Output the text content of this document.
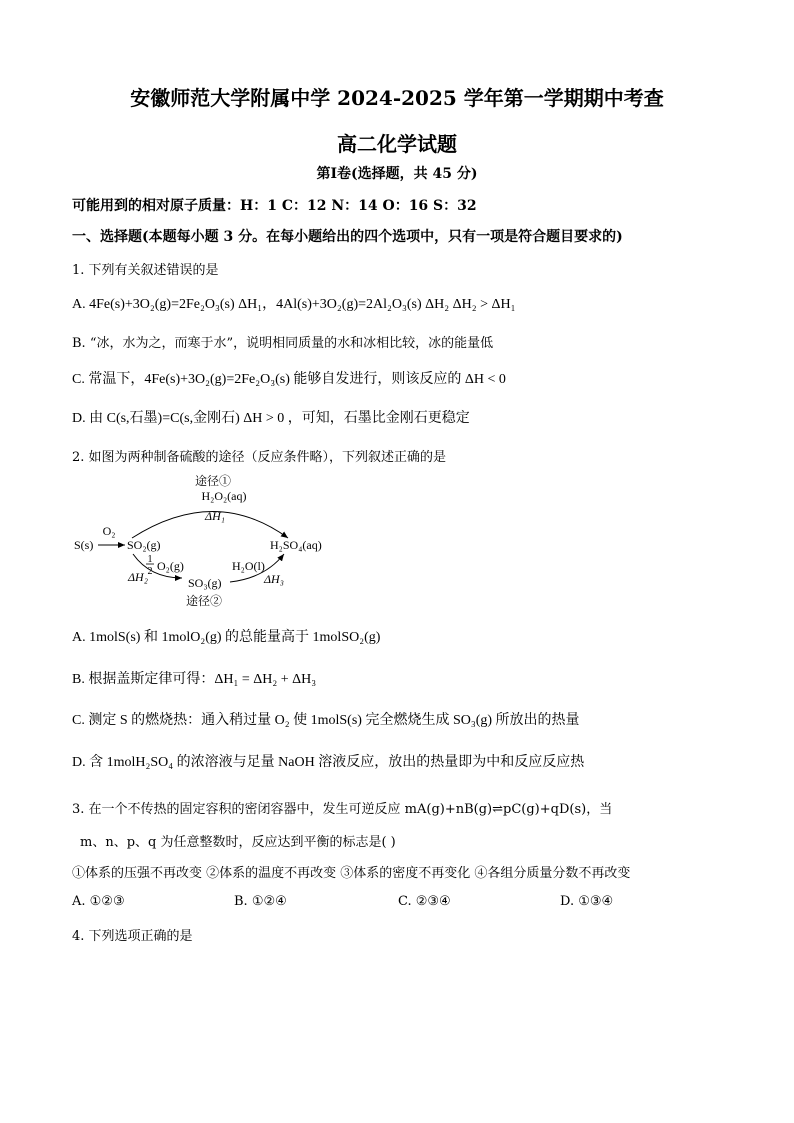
安徽师范大学附属中学 2024-2025 学年第一学期期中考查
高二化学试题
第Ⅰ卷(选择题，共 45 分)
可能用到的相对原子质量：H：1 C：12 N：14 O：16 S：32
一、选择题(本题每小题 3 分。在每小题给出的四个选项中，只有一项是符合题目要求的)
1. 下列有关叙述错误的是
A. 4Fe(s)+3O₂(g)=2Fe₂O₃(s) ΔH₁，4Al(s)+3O₂(g)=2Al₂O₃(s) ΔH₂ ΔH₂ > ΔH₁
B. “冰，水为之，而寒于水”，说明相同质量的水和冰相比较，冰的能量低
C. 常温下，4Fe(s)+3O₂(g)=2Fe₂O₃(s) 能够自发进行，则该反应的 ΔH < 0
D. 由 C(s,石墨)=C(s,金刚石) ΔH > 0 ，可知，石墨比金刚石更稳定
2. 如图为两种制备硫酸的途径（反应条件略），下列叙述正确的是
途径①
H₂O₂(aq)
ΔH₁
O₂
S(s)	SO₂(g)	H₂SO₄(aq)
1
2 O₂(g)	H₂O(l)
ΔH₂	SO₃(g)	ΔH₃
途径②
A. 1molS(s) 和 1molO₂(g) 的总能量高于 1molSO₂(g)
B. 根据盖斯定律可得：ΔH₁ = ΔH₂ + ΔH₃
C. 测定 S 的燃烧热：通入稍过量 O₂ 使 1molS(s) 完全燃烧生成 SO₃(g) 所放出的热量
D. 含 1molH₂SO₄ 的浓溶液与足量 NaOH 溶液反应，放出的热量即为中和反应反应热
3. 在一个不传热的固定容积的密闭容器中，发生可逆反应 mA(g)+nB(g)⇌pC(g)+qD(s)，当
m、n、p、q 为任意整数时，反应达到平衡的标志是( )
①体系的压强不再改变 ②体系的温度不再改变 ③体系的密度不再变化 ④各组分质量分数不再改变
A. ①②③	B. ①②④	C. ②③④	D. ①③④
4. 下列选项正确的是
